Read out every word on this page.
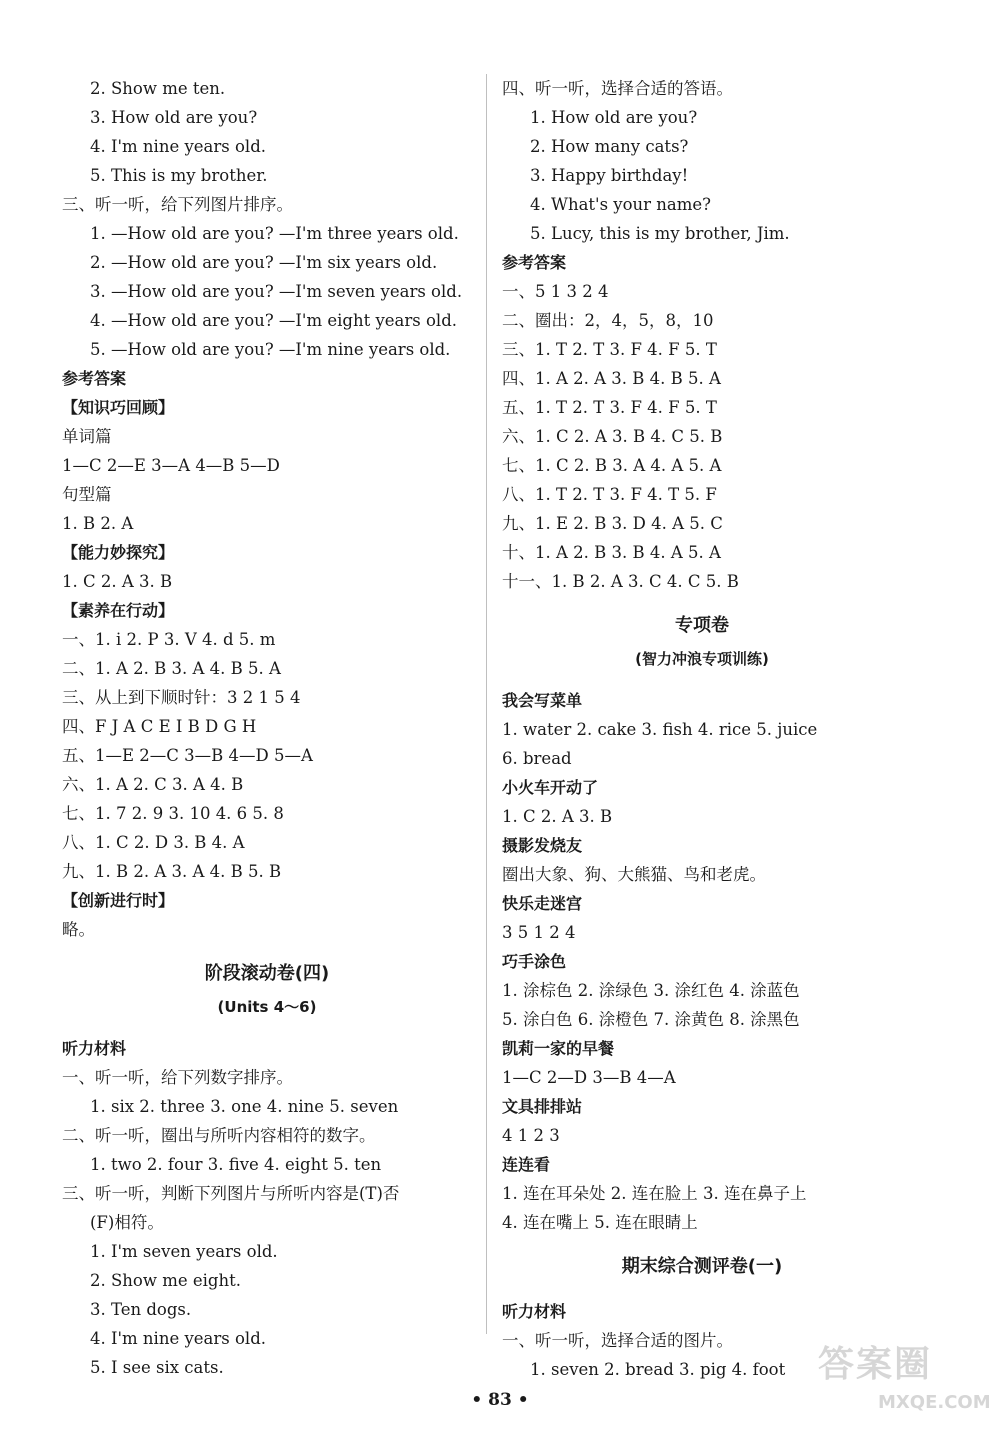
2. Show me ten.
3. How old are you?
4. I'm nine years old.
5. This is my brother.
三、听一听，给下列图片排序。
1. —How old are you? —I'm three years old.
2. —How old are you? —I'm six years old.
3. —How old are you? —I'm seven years old.
4. —How old are you? —I'm eight years old.
5. —How old are you? —I'm nine years old.
参考答案
【知识巧回顾】
单词篇
1—C 2—E 3—A 4—B 5—D
句型篇
1. B 2. A
【能力妙探究】
1. C 2. A 3. B
【素养在行动】
一、1. i 2. P 3. V 4. d 5. m
二、1. A 2. B 3. A 4. B 5. A
三、从上到下顺时针：3 2 1 5 4
四、F J A C E I B D G H
五、1—E 2—C 3—B 4—D 5—A
六、1. A 2. C 3. A 4. B
七、1. 7 2. 9 3. 10 4. 6 5. 8
八、1. C 2. D 3. B 4. A
九、1. B 2. A 3. A 4. B 5. B
【创新进行时】
略。
阶段滚动卷(四)
(Units 4～6)
听力材料
一、听一听，给下列数字排序。
1. six 2. three 3. one 4. nine 5. seven
二、听一听，圈出与所听内容相符的数字。
1. two 2. four 3. five 4. eight 5. ten
三、听一听，判断下列图片与所听内容是(T)否
(F)相符。
1. I'm seven years old.
2. Show me eight.
3. Ten dogs.
4. I'm nine years old.
5. I see six cats.
四、听一听，选择合适的答语。
1. How old are you?
2. How many cats?
3. Happy birthday!
4. What's your name?
5. Lucy, this is my brother, Jim.
参考答案
一、5 1 3 2 4
二、圈出：2，4，5，8，10
三、1. T 2. T 3. F 4. F 5. T
四、1. A 2. A 3. B 4. B 5. A
五、1. T 2. T 3. F 4. F 5. T
六、1. C 2. A 3. B 4. C 5. B
七、1. C 2. B 3. A 4. A 5. A
八、1. T 2. T 3. F 4. T 5. F
九、1. E 2. B 3. D 4. A 5. C
十、1. A 2. B 3. B 4. A 5. A
十一、1. B 2. A 3. C 4. C 5. B
专项卷
(智力冲浪专项训练)
我会写菜单
1. water 2. cake 3. fish 4. rice 5. juice
6. bread
小火车开动了
1. C 2. A 3. B
摄影发烧友
圈出大象、狗、大熊猫、鸟和老虎。
快乐走迷宫
3 5 1 2 4
巧手涂色
1. 涂棕色 2. 涂绿色 3. 涂红色 4. 涂蓝色
5. 涂白色 6. 涂橙色 7. 涂黄色 8. 涂黑色
凯莉一家的早餐
1—C 2—D 3—B 4—A
文具排排站
4 1 2 3
连连看
1. 连在耳朵处 2. 连在脸上 3. 连在鼻子上
4. 连在嘴上 5. 连在眼睛上
期末综合测评卷(一)
听力材料
一、听一听，选择合适的图片。
1. seven 2. bread 3. pig 4. foot
• 83 •
答案圈
MXQE.COM
